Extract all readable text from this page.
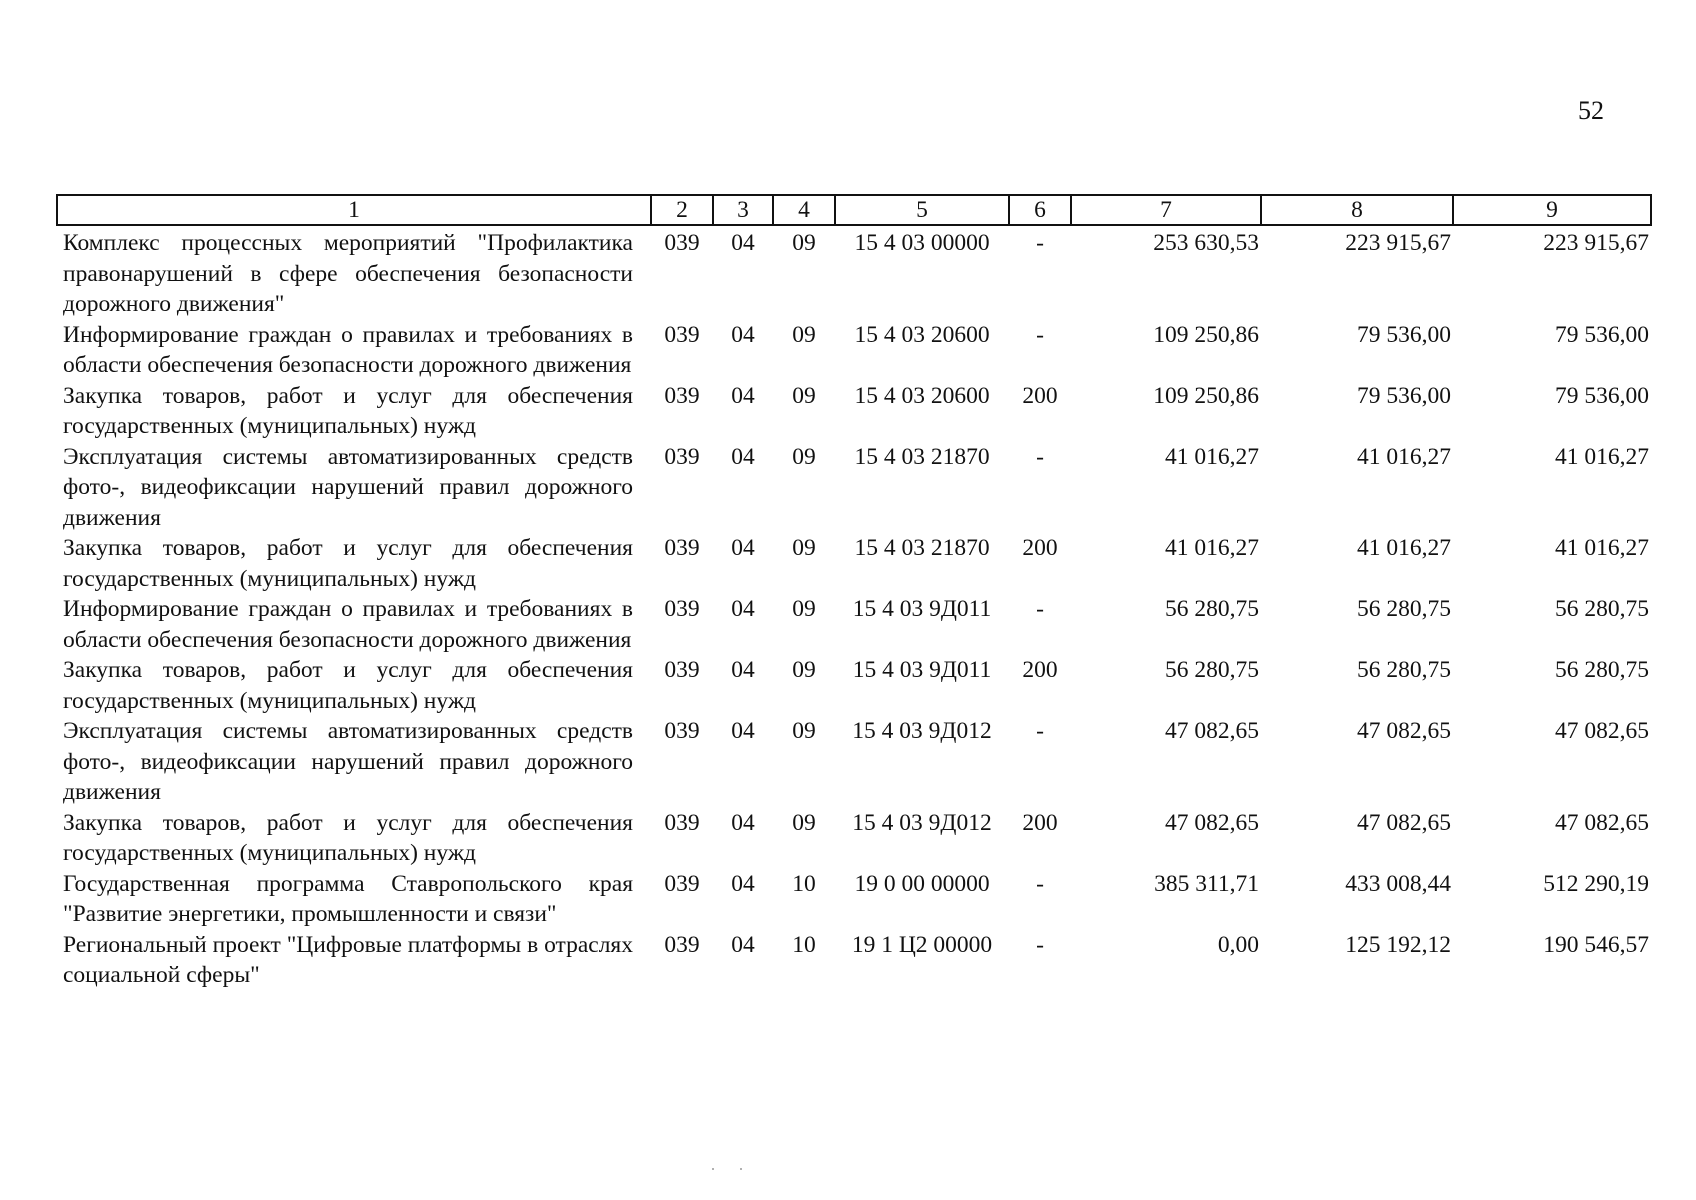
52
1	2	3	4	5	6	7	8	9
Комплекс процессных мероприятий "Профилактика правонарушений в сфере обеспечения безопасности дорожного движения"	039	04	09	15 4 03 00000	-	253 630,53	223 915,67	223 915,67
Информирование граждан о правилах и требованиях в области обеспечения безопасности дорожного движения	039	04	09	15 4 03 20600	-	109 250,86	79 536,00	79 536,00
Закупка товаров, работ и услуг для обеспечения государственных (муниципальных) нужд	039	04	09	15 4 03 20600	200	109 250,86	79 536,00	79 536,00
Эксплуатация системы автоматизированных средств фото-, видеофиксации нарушений правил дорожного движения	039	04	09	15 4 03 21870	-	41 016,27	41 016,27	41 016,27
Закупка товаров, работ и услуг для обеспечения государственных (муниципальных) нужд	039	04	09	15 4 03 21870	200	41 016,27	41 016,27	41 016,27
Информирование граждан о правилах и требованиях в области обеспечения безопасности дорожного движения	039	04	09	15 4 03 9Д011	-	56 280,75	56 280,75	56 280,75
Закупка товаров, работ и услуг для обеспечения государственных (муниципальных) нужд	039	04	09	15 4 03 9Д011	200	56 280,75	56 280,75	56 280,75
Эксплуатация системы автоматизированных средств фото-, видеофиксации нарушений правил дорожного движения	039	04	09	15 4 03 9Д012	-	47 082,65	47 082,65	47 082,65
Закупка товаров, работ и услуг для обеспечения государственных (муниципальных) нужд	039	04	09	15 4 03 9Д012	200	47 082,65	47 082,65	47 082,65
Государственная программа Ставропольского края "Развитие энергетики, промышленности и связи"	039	04	10	19 0 00 00000	-	385 311,71	433 008,44	512 290,19
Региональный проект "Цифровые платформы в отраслях социальной сферы"	039	04	10	19 1 Ц2 00000	-	0,00	125 192,12	190 546,57
